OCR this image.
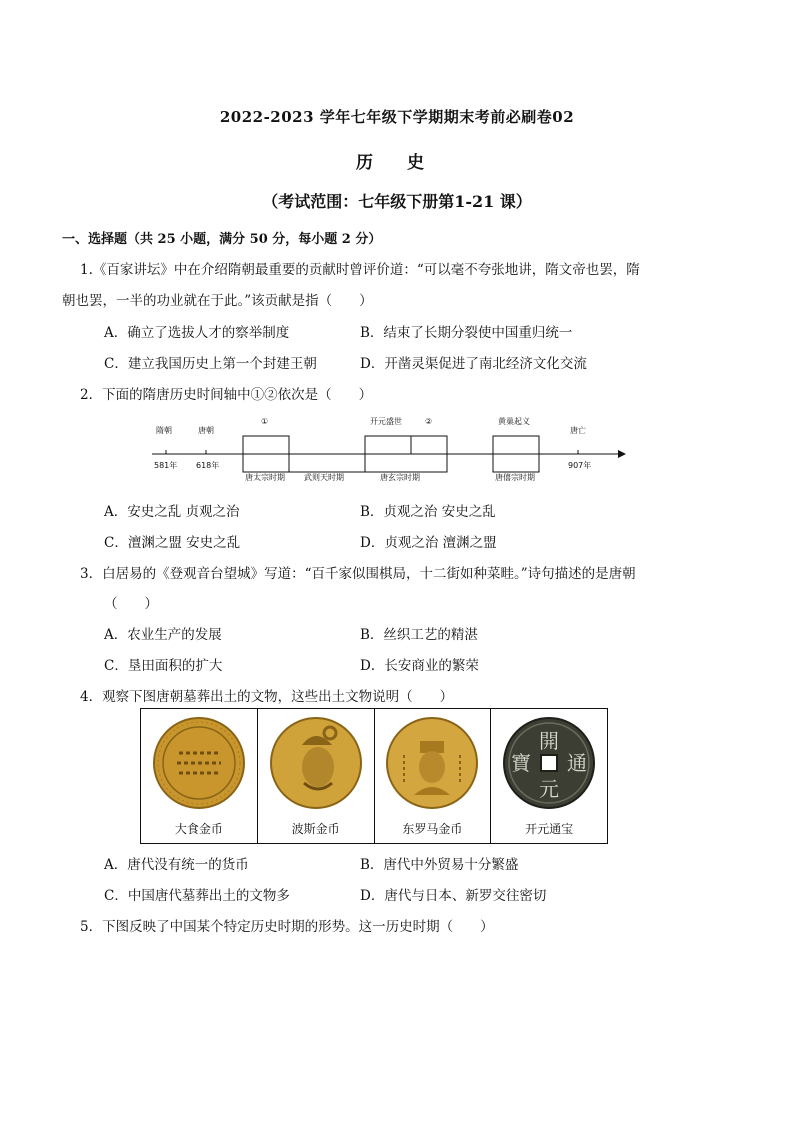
2022-2023 学年七年级下学期期末考前必刷卷02
历 史
（考试范围：七年级下册第1-21 课）
一、选择题（共 25 小题，满分 50 分，每小题 2 分）
1.《百家讲坛》中在介绍隋朝最重要的贡献时曾评价道：“可以毫不夸张地讲，隋文帝也罢，隋
朝也罢，一半的功业就在于此。”该贡献是指（　　）
A．确立了选拔人才的察举制度	B．结束了长期分裂使中国重归统一
C．建立我国历史上第一个封建王朝	D．开凿灵渠促进了南北经济文化交流
2．下面的隋唐历史时间轴中①②依次是（　　）
隋朝	唐朝
①	开元盛世	②	黄巢起义
唐亡
581年 618年	907年
唐太宗时期 武则天时期	唐玄宗时期	唐僖宗时期
A．安史之乱 贞观之治	B．贞观之治 安史之乱
C．澶渊之盟 安史之乱	D．贞观之治 澶渊之盟
3．白居易的《登观音台望城》写道：“百千家似围棋局，十二街如种菜畦。”诗句描述的是唐朝
（　　）
A．农业生产的发展	B．丝织工艺的精湛
C．垦田面积的扩大	D．长安商业的繁荣
4．观察下图唐朝墓葬出土的文物，这些出土文物说明（　　）
大食金币	波斯金币	东罗马金币
開
元
通
寶
开元通宝
A．唐代没有统一的货币	B．唐代中外贸易十分繁盛
C．中国唐代墓葬出土的文物多	D．唐代与日本、新罗交往密切
5．下图反映了中国某个特定历史时期的形势。这一历史时期（　　）
